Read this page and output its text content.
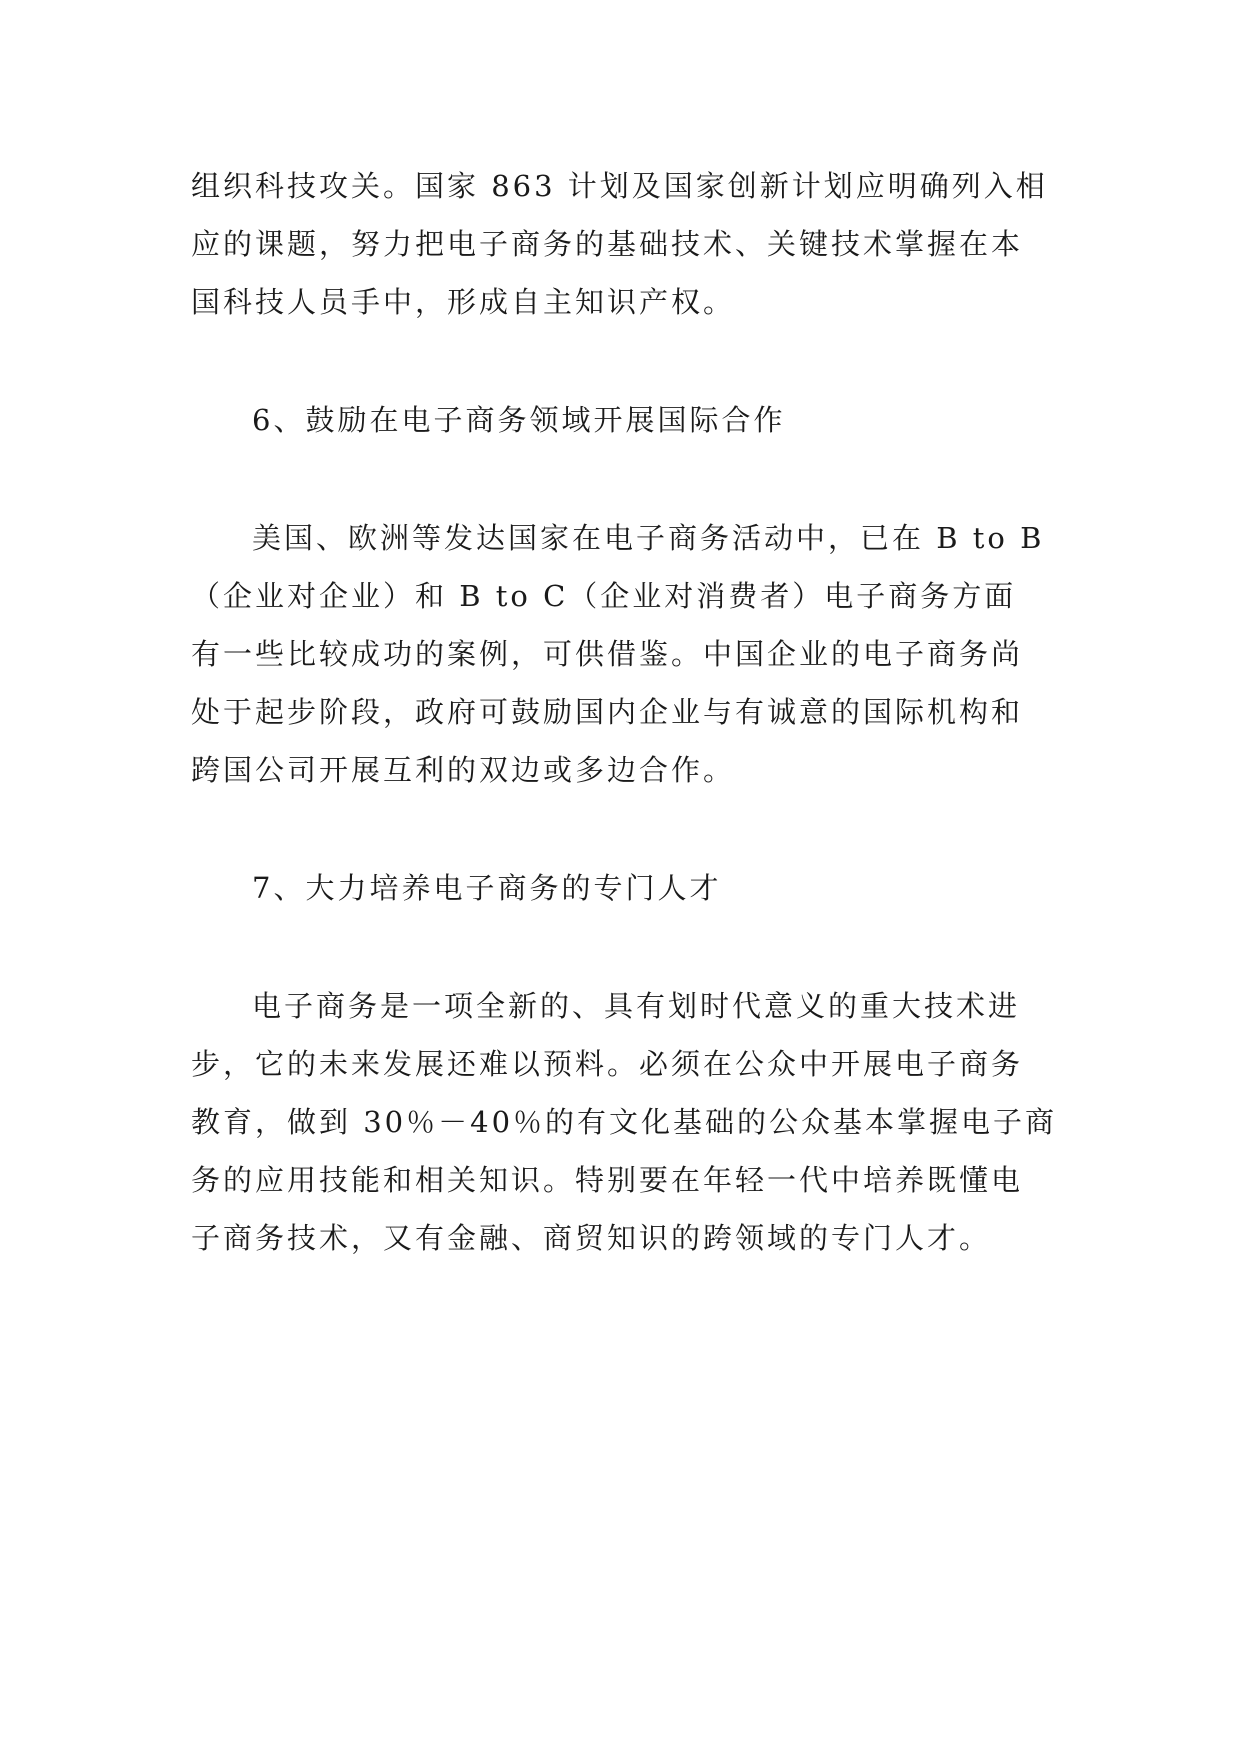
组织科技攻关。国家 863 计划及国家创新计划应明确列入相
应的课题，努力把电子商务的基础技术、关键技术掌握在本
国科技人员手中，形成自主知识产权。
6、鼓励在电子商务领域开展国际合作
美国、欧洲等发达国家在电子商务活动中，已在 B to B
（企业对企业）和 B to C（企业对消费者）电子商务方面
有一些比较成功的案例，可供借鉴。中国企业的电子商务尚
处于起步阶段，政府可鼓励国内企业与有诚意的国际机构和
跨国公司开展互利的双边或多边合作。
7、大力培养电子商务的专门人才
电子商务是一项全新的、具有划时代意义的重大技术进
步，它的未来发展还难以预料。必须在公众中开展电子商务
教育，做到 30％－40％的有文化基础的公众基本掌握电子商
务的应用技能和相关知识。特别要在年轻一代中培养既懂电
子商务技术，又有金融、商贸知识的跨领域的专门人才。
